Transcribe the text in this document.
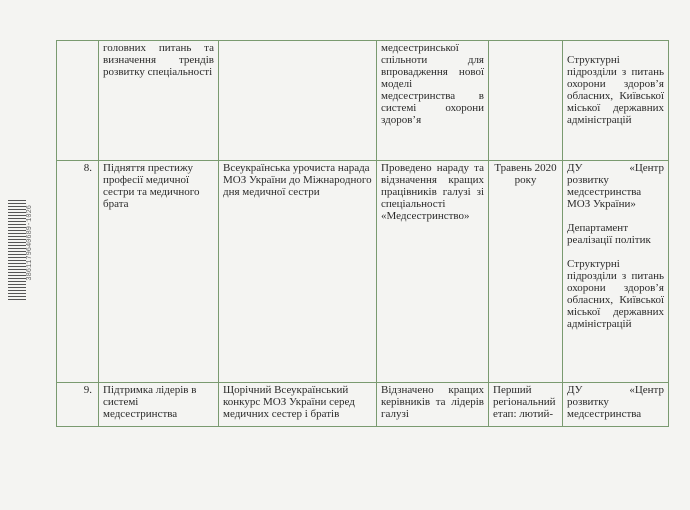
3861179640689-1026
	головних питань та визначення трендів розвитку спеціальності		медсестринської спільноти для впровадження нової моделі медсестринства в системі охорони здоров’я		Структурні підрозділи з питань охорони здоров’я обласних, Київської міської державних адміністрацій

8.	Підняття престижу професії медичної сестри та медичного брата	Всеукраїнська урочиста нарада МОЗ України до Міжнародного дня медичної сестри	Проведено нараду та відзначення кращих працівників галузі зі спеціальності «Медсестринство»	Травень 2020 року	ДУ «Центр розвитку медсестринства МОЗ України»
Департамент реалізації політик
Структурні підрозділи з питань охорони здоров’я обласних, Київської міської державних адміністрацій

9.	Підтримка лідерів в системі медсестринства	Щорічний Всеукраїнський конкурс МОЗ України серед медичних сестер і братів	Відзначено кращих керівників та лідерів галузі	Перший регіональний етап: лютий-	ДУ «Центр розвитку медсестринства
